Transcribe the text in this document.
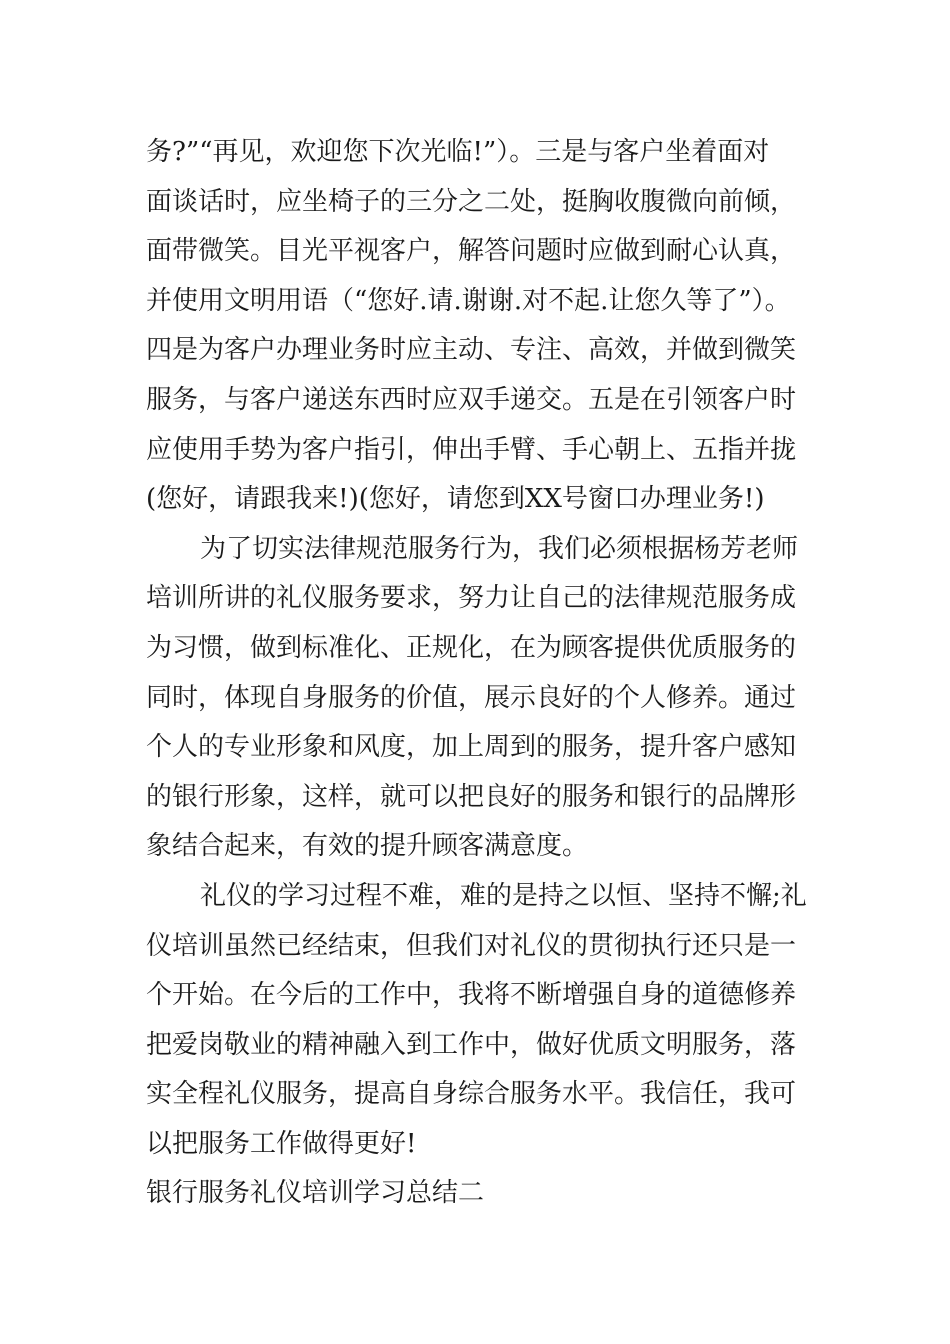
务?”“再见，欢迎您下次光临!”）。三是与客户坐着面对

面谈话时，应坐椅子的三分之二处，挺胸收腹微向前倾，

面带微笑。目光平视客户，解答问题时应做到耐心认真，

并使用文明用语（“您好.请.谢谢.对不起.让您久等了”）。

四是为客户办理业务时应主动、专注、高效，并做到微笑

服务，与客户递送东西时应双手递交。五是在引领客户时

应使用手势为客户指引，伸出手臂、手心朝上、五指并拢

(您好，请跟我来!)(您好，请您到XX号窗口办理业务!)

为了切实法律规范服务行为，我们必须根据杨芳老师

培训所讲的礼仪服务要求，努力让自己的法律规范服务成

为习惯，做到标准化、正规化，在为顾客提供优质服务的

同时，体现自身服务的价值，展示良好的个人修养。通过

个人的专业形象和风度，加上周到的服务，提升客户感知

的银行形象，这样，就可以把良好的服务和银行的品牌形

象结合起来，有效的提升顾客满意度。

礼仪的学习过程不难，难的是持之以恒、坚持不懈;礼

仪培训虽然已经结束，但我们对礼仪的贯彻执行还只是一

个开始。在今后的工作中，我将不断增强自身的道德修养

把爱岗敬业的精神融入到工作中，做好优质文明服务，落

实全程礼仪服务，提高自身综合服务水平。我信任，我可

以把服务工作做得更好!

银行服务礼仪培训学习总结二
